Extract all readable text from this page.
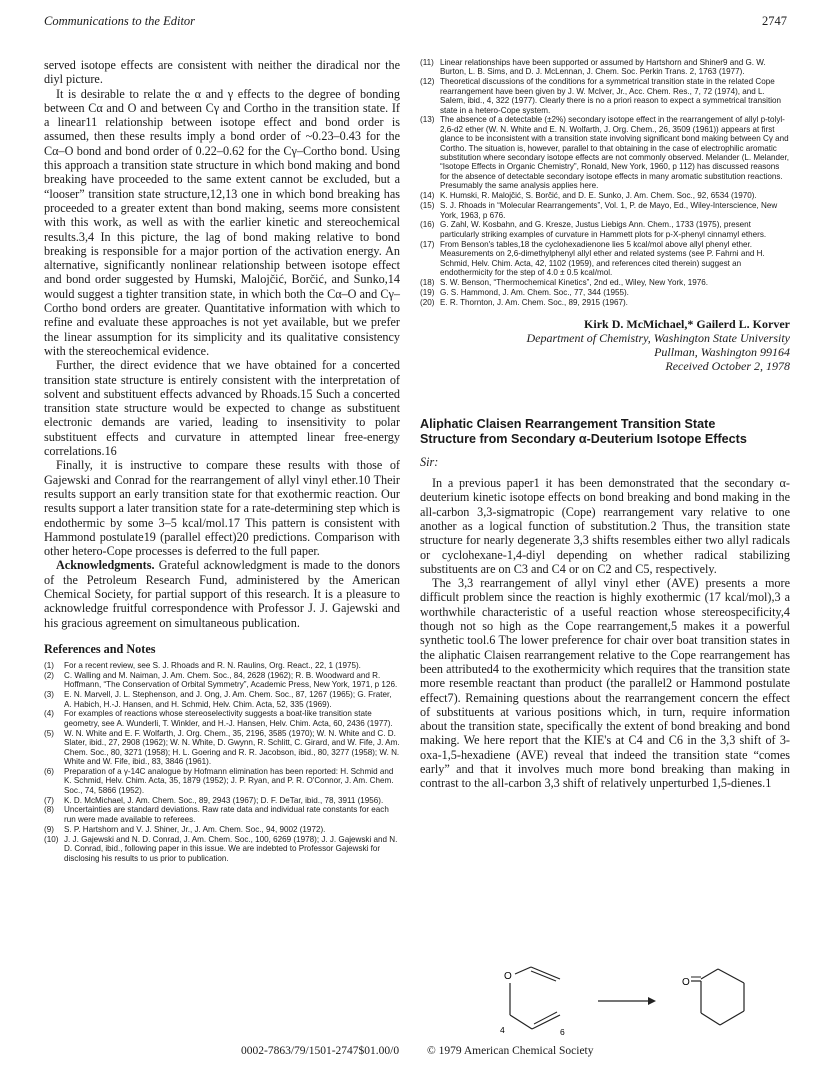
Communications to the Editor	2747

served isotope effects are consistent with neither the diradical nor the diyl picture.

It is desirable to relate the α and γ effects to the degree of bonding between Cα and O and between Cγ and Cortho in the transition state. If a linear11 relationship between isotope effect and bond order is assumed, then these results imply a bond order of ~0.23–0.43 for the Cα–O bond and bond order of 0.22–0.62 for the Cγ–Cortho bond. Using this approach a transition state structure in which bond making and bond breaking have proceeded to the same extent cannot be excluded, but a “looser” transition state structure,12,13 one in which bond breaking has proceeded to a greater extent than bond making, seems more consistent with this work, as well as with the earlier kinetic and stereochemical results.3,4 In this picture, the lag of bond making relative to bond breaking is responsible for a major portion of the activation energy. An alternative, significantly nonlinear relationship between isotope effect and bond order suggested by Humski, Malojčić, Borčić, and Sunko,14 would suggest a tighter transition state, in which both the Cα–O and Cγ–Cortho bond orders are greater. Quantitative information with which to refine and evaluate these approaches is not yet available, but we prefer the linear assumption for its simplicity and its qualitative consistency with the stereochemical evidence.

Further, the direct evidence that we have obtained for a concerted transition state structure is entirely consistent with the interpretation of solvent and substituent effects advanced by Rhoads.15 Such a concerted transition state structure would be expected to change as substituent electronic demands are varied, leading to insensitivity to polar substituent effects and curvature in attempted linear free-energy correlations.16

Finally, it is instructive to compare these results with those of Gajewski and Conrad for the rearrangement of allyl vinyl ether.10 Their results support an early transition state for that exothermic reaction. Our results support a later transition state for a rate-determining step which is endothermic by some 3–5 kcal/mol.17 This pattern is consistent with Hammond postulate19 (parallel effect)20 predictions. Comparison with other hetero-Cope processes is deferred to the full paper.

Acknowledgments. Grateful acknowledgment is made to the donors of the Petroleum Research Fund, administered by the American Chemical Society, for partial support of this research. It is a pleasure to acknowledge fruitful correspondence with Professor J. J. Gajewski and his gracious agreement on simultaneous publication.

References and Notes
(1)	For a recent review, see S. J. Rhoads and R. N. Raulins, Org. React., 22, 1 (1975).
(2)	C. Walling and M. Naiman, J. Am. Chem. Soc., 84, 2628 (1962); R. B. Woodward and R. Hoffmann, “The Conservation of Orbital Symmetry”, Academic Press, New York, 1971, p 126.
(3)	E. N. Marvell, J. L. Stephenson, and J. Ong, J. Am. Chem. Soc., 87, 1267 (1965); G. Frater, A. Habich, H.-J. Hansen, and H. Schmid, Helv. Chim. Acta, 52, 335 (1969).
(4)	For examples of reactions whose stereoselectivity suggests a boat-like transition state geometry, see A. Wunderli, T. Winkler, and H.-J. Hansen, Helv. Chim. Acta, 60, 2436 (1977).
(5)	W. N. White and E. F. Wolfarth, J. Org. Chem., 35, 2196, 3585 (1970); W. N. White and C. D. Slater, ibid., 27, 2908 (1962); W. N. White, D. Gwynn, R. Schlitt, C. Girard, and W. Fife, J. Am. Chem. Soc., 80, 3271 (1958); H. L. Goering and R. R. Jacobson, ibid., 80, 3277 (1958); W. N. White and W. Fife, ibid., 83, 3846 (1961).
(6)	Preparation of a γ-14C analogue by Hofmann elimination has been reported: H. Schmid and K. Schmid, Helv. Chim. Acta, 35, 1879 (1952); J. P. Ryan, and P. R. O'Connor, J. Am. Chem. Soc., 74, 5866 (1952).
(7)	K. D. McMichael, J. Am. Chem. Soc., 89, 2943 (1967); D. F. DeTar, ibid., 78, 3911 (1956).
(8)	Uncertainties are standard deviations. Raw rate data and individual rate constants for each run were made available to referees.
(9)	S. P. Hartshorn and V. J. Shiner, Jr., J. Am. Chem. Soc., 94, 9002 (1972).
(10) J. J. Gajewski and N. D. Conrad, J. Am. Chem. Soc., 100, 6269 (1978); J. J. Gajewski and N. D. Conrad, ibid., following paper in this issue. We are indebted to Professor Gajewski for disclosing his results to us prior to publication.
(11) Linear relationships have been supported or assumed by Hartshorn and Shiner9 and G. W. Burton, L. B. Sims, and D. J. McLennan, J. Chem. Soc. Perkin Trans. 2, 1763 (1977).
(12) Theoretical discussions of the conditions for a symmetrical transition state in the related Cope rearrangement have been given by J. W. McIver, Jr., Acc. Chem. Res., 7, 72 (1974), and L. Salem, ibid., 4, 322 (1977). Clearly there is no a priori reason to expect a symmetrical transition state in a hetero-Cope system.
(13) The absence of a detectable (±2%) secondary isotope effect in the rearrangement of allyl p-tolyl-2,6-d2 ether (W. N. White and E. N. Wolfarth, J. Org. Chem., 26, 3509 (1961)) appears at first glance to be inconsistent with a transition state involving significant bond making between Cγ and Cortho. The situation is, however, parallel to that obtaining in the case of electrophilic aromatic substitution where secondary isotope effects are not commonly observed. Melander (L. Melander, “Isotope Effects in Organic Chemistry”, Ronald, New York, 1960, p 112) has discussed reasons for the absence of detectable secondary isotope effects in many aromatic substitution reactions. Presumably the same analysis applies here.
(14) K. Humski, R. Malojčić, S. Borčić, and D. E. Sunko, J. Am. Chem. Soc., 92, 6534 (1970).
(15) S. J. Rhoads in “Molecular Rearrangements”, Vol. 1, P. de Mayo, Ed., Wiley-Interscience, New York, 1963, p 676.
(16) G. Zahl, W. Kosbahn, and G. Kresze, Justus Liebigs Ann. Chem., 1733 (1975), present particularly striking examples of curvature in Hammett plots for p-X-phenyl cinnamyl ethers.
(17) From Benson's tables,18 the cyclohexadienone lies 5 kcal/mol above allyl phenyl ether. Measurements on 2,6-dimethylphenyl allyl ether and related systems (see P. Fahrni and H. Schmid, Helv. Chim. Acta, 42, 1102 (1959), and references cited therein) suggest an endothermicity for the step of 4.0 ± 0.5 kcal/mol.
(18) S. W. Benson, “Thermochemical Kinetics”, 2nd ed., Wiley, New York, 1976.
(19) G. S. Hammond, J. Am. Chem. Soc., 77, 344 (1955).
(20) E. R. Thornton, J. Am. Chem. Soc., 89, 2915 (1967).
Kirk D. McMichael,* Gailerd L. Korver
Department of Chemistry, Washington State University
Pullman, Washington 99164
Received October 2, 1978
Aliphatic Claisen Rearrangement Transition State
Structure from Secondary α-Deuterium Isotope Effects
Sir:

In a previous paper1 it has been demonstrated that the secondary α-deuterium kinetic isotope effects on bond breaking and bond making in the all-carbon 3,3-sigmatropic (Cope) rearrangement vary relative to one another as a logical function of substitution.2 Thus, the transition state structure for nearly degenerate 3,3 shifts resembles either two allyl radicals or cyclohexane-1,4-diyl depending on whether radical stabilizing substituents are on C3 and C4 or on C2 and C5, respectively.

The 3,3 rearrangement of allyl vinyl ether (AVE) presents a more difficult problem since the reaction is highly exothermic (17 kcal/mol),3 a worthwhile characteristic of a useful reaction whose stereospecificity,4 though not so high as the Cope rearrangement,5 makes it a powerful synthetic tool.6 The lower preference for chair over boat transition states in the aliphatic Claisen rearrangement relative to the Cope rearrangement has been attributed4 to the exothermicity which requires that the transition state more resemble reactant than product (the parallel2 or Hammond postulate effect7). Remaining questions about the rearrangement concern the effect of substituents at various positions which, in turn, require information about the transition state, specifically the extent of bond breaking and bond making. We here report that the KIE's at C4 and C6 in the 3,3 shift of 3-oxa-1,5-hexadiene (AVE) reveal that indeed the transition state “comes early” and that it involves much more bond breaking than making in contrast to the all-carbon 3,3 shift of relatively unperturbed 1,5-dienes.1

O
4	6
O
0002-7863/79/1501-2747$01.00/0 © 1979 American Chemical Society
